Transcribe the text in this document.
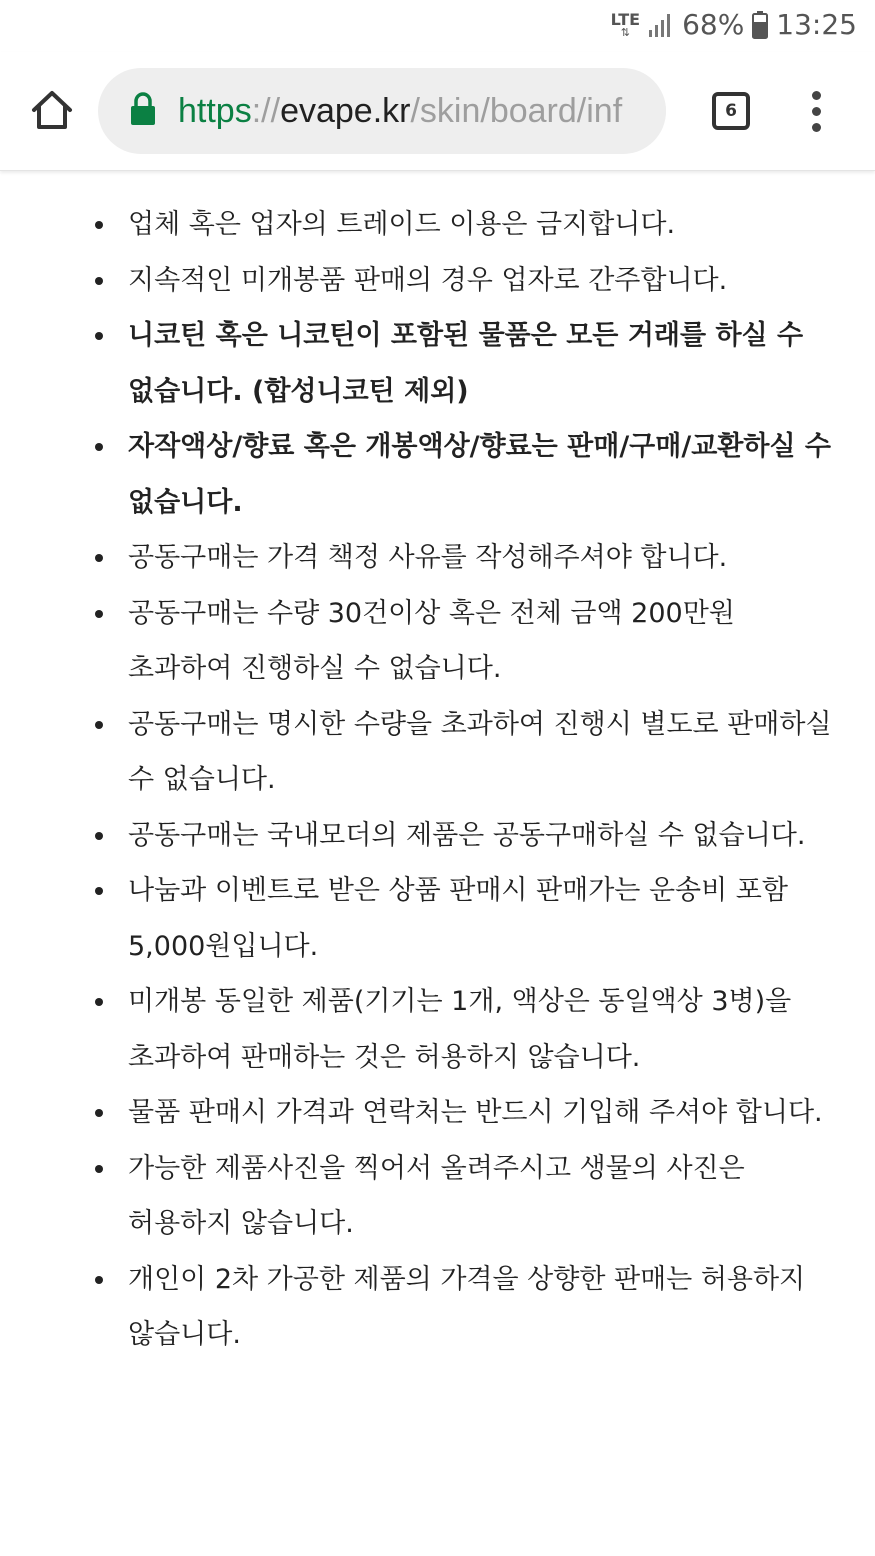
LTE
⇅ 68% 13:25
https://evape.kr/skin/board/inf	6
업체 혹은 업자의 트레이드 이용은 금지합니다.
지속적인 미개봉품 판매의 경우 업자로 간주합니다.
니코틴 혹은 니코틴이 포함된 물품은 모든 거래를 하실 수 없습니다. (합성니코틴 제외)
자작액상/향료 혹은 개봉액상/향료는 판매/구매/교환하실 수 없습니다.
공동구매는 가격 책정 사유를 작성해주셔야 합니다.
공동구매는 수량 30건이상 혹은 전체 금액 200만원 초과하여 진행하실 수 없습니다.
공동구매는 명시한 수량을 초과하여 진행시 별도로 판매하실 수 없습니다.
공동구매는 국내모더의 제품은 공동구매하실 수 없습니다.
나눔과 이벤트로 받은 상품 판매시 판매가는 운송비 포함 5,000원입니다.
미개봉 동일한 제품(기기는 1개, 액상은 동일액상 3병)을 초과하여 판매하는 것은 허용하지 않습니다.
물품 판매시 가격과 연락처는 반드시 기입해 주셔야 합니다.
가능한 제품사진을 찍어서 올려주시고 생물의 사진은 허용하지 않습니다.
개인이 2차 가공한 제품의 가격을 상향한 판매는 허용하지 않습니다.
